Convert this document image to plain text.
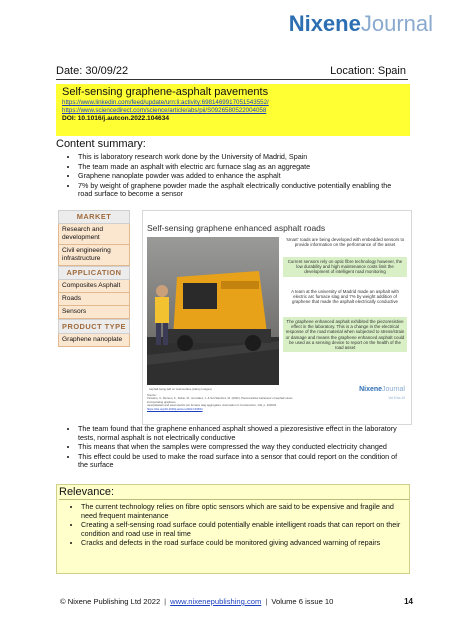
NixeneJournal
Date: 30/09/22	Location: Spain
Self-sensing graphene-asphalt pavements
https://www.linkedin.com/feed/update/urn:li:activity:6981469917051543552/
https://www.sciencedirect.com/science/article/abs/pii/S0926580522004058
DOI: 10.1016/j.autcon.2022.104634
Content summary:
• This is laboratory research work done by the University of Madrid, Spain
• The team made an asphalt with electric arc furnace slag as an aggregate
• Graphene nanoplate powder was added to enhance the asphalt
• 7% by weight of graphene powder made the asphalt electrically conductive potentially enabling the road surface to become a sensor
MARKET
Research and development
Civil engineering infrastructure
APPLICATION
Composites Asphalt
Roads
Sensors
PRODUCT TYPE
Graphene nanoplate
Self-sensing graphene enhanced asphalt roads
'smart' roads are being developed with embedded sensors to provide information on the performance of the asset
Current sensors rely on optic fibre technology however, the low durability and high maintenance costs limit the development of intelligent road monitoring
A team at the university of Madrid made an asphalt with electric arc furnace slag and 7% by weight addition of graphene that made the asphalt electrically conductive
The graphene enhanced asphalt exhibited the piezoresistive effect in the laboratory. This is a change in the electrical response of the road material when subjected to stress/strain or damage and means the graphene enhanced asphalt could be used as a sensing device to report on the health of the road asset
Asphalt being laid on road surface (Alamy Images)
Source:
Vizcaino, V., Moreno, F., Rubio, M., Gonzalez, J. & Sol-Sánchez, M. (2022). Piezoresistive behaviour of asphalt mixes incorporating graphene
nanoplatelets and steel electric arc furnace slag aggregates. Automation in Construction, 142, p. 104634.
https://doi.org/10.1016/j.autcon.2022.104634
NixeneJournal
Vol 6 Iss 10
• The team found that the graphene enhanced asphalt showed a piezoresistive effect in the laboratory tests, normal asphalt is not electrically conductive
• This means that when the samples were compressed the way they conducted electricity changed
• This effect could be used to make the road surface into a sensor that could report on the condition of the surface
Relevance:
• The current technology relies on fibre optic sensors which are said to be expensive and fragile and need frequent maintenance
• Creating a self-sensing road surface could potentially enable intelligent roads that can report on their condition and road use in real time
• Cracks and defects in the road surface could be monitored giving advanced warning of repairs
© Nixene Publishing Ltd 2022 | www.nixenepublishing.com | Volume 6 issue 10	14
